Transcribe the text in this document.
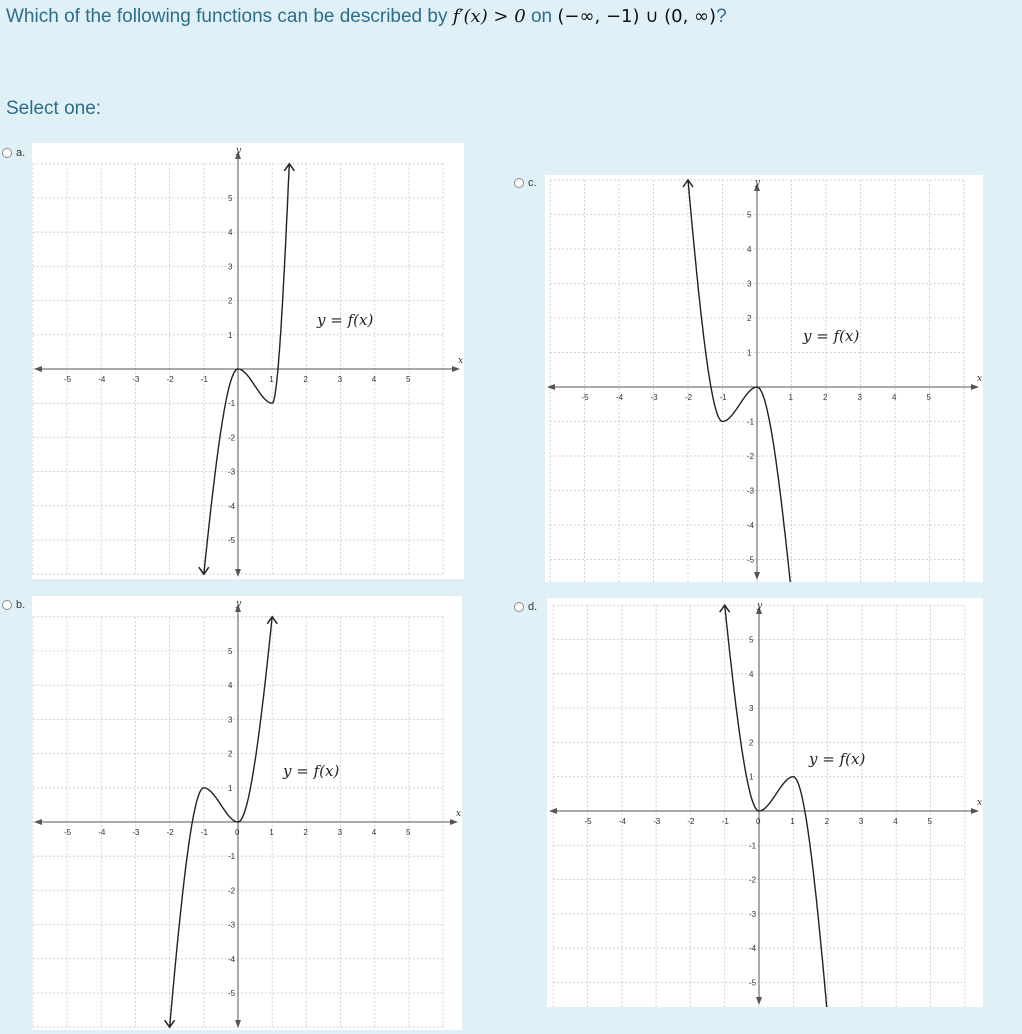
Which of the following functions can be described by f′(x) > 0 on (−∞, −1) ∪ (0, ∞)?
Select one:
a.
b.
c.
d.
x
y
-5	-4	-3	-2	-1	1	2	3	4	5
5
4
3
2
1
-1
-2
-3
-4
-5
y = f(x)
x
y
-5	-4	-3	-2	-1	0	1	2	3	4	5
5
4
3
2
1
-1
-2
-3
-4
-5
y = f(x)
x
y
-5	-4	-3	-2	-1	1	2	3	4	5
5
4
3
2
1
-1
-2
-3
-4
-5
y = f(x)
x
y
-5	-4	-3	-2	-1	0	1	2	3	4	5
5
4
3
2
1
-1
-2
-3
-4
-5
y = f(x)
